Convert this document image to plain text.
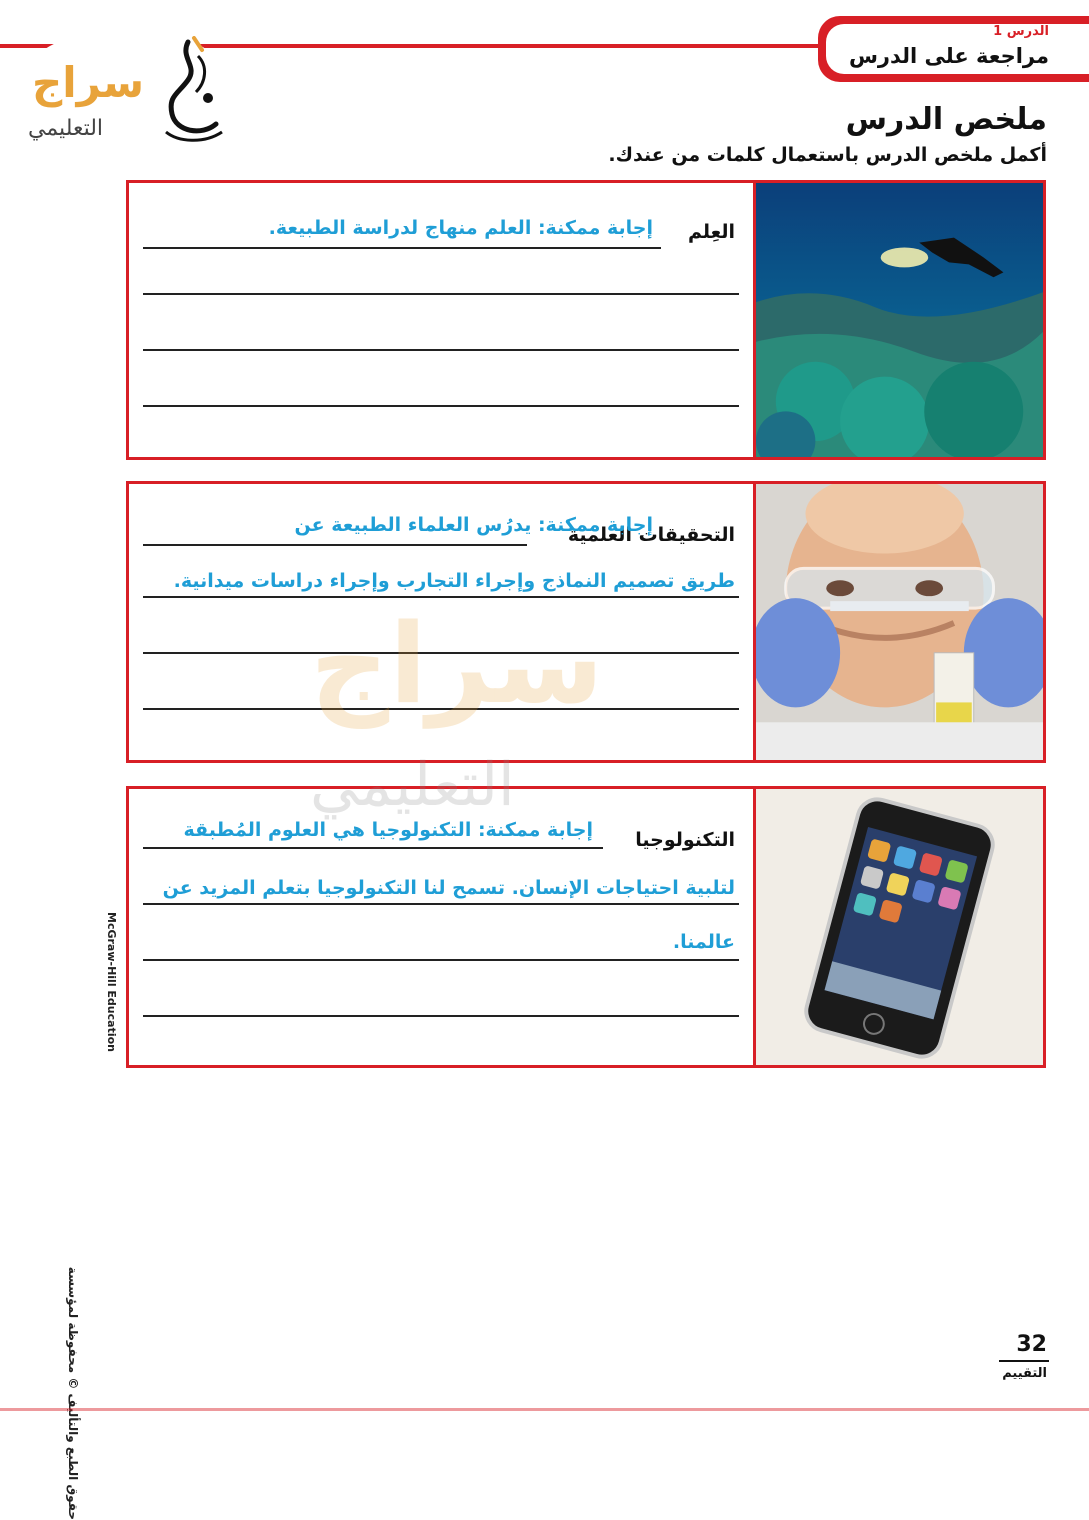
الدرس 1
مراجعة على الدرس
سراج
التعليمي	ملخص الدرس
أكمل ملخص الدرس باستعمال كلمات من عندك.
العِلم
إجابة ممكنة: العلم منهاج لدراسة الطبيعة.
التحقيقات العلمية
إجابة ممكنة: يدرُس العلماء الطبيعة عن
طريق تصميم النماذج وإجراء التجارب وإجراء دراسات ميدانية.
التكنولوجيا
إجابة ممكنة: التكنولوجيا هي العلوم المُطبقة
لتلبية احتياجات الإنسان. تسمح لنا التكنولوجيا بتعلم المزيد عن
عالمنا.
حقوق الطبع والتأليف © محفوظة لمؤسسة
McGraw-Hill Education
سراج
التعليمي
32
التقييم
